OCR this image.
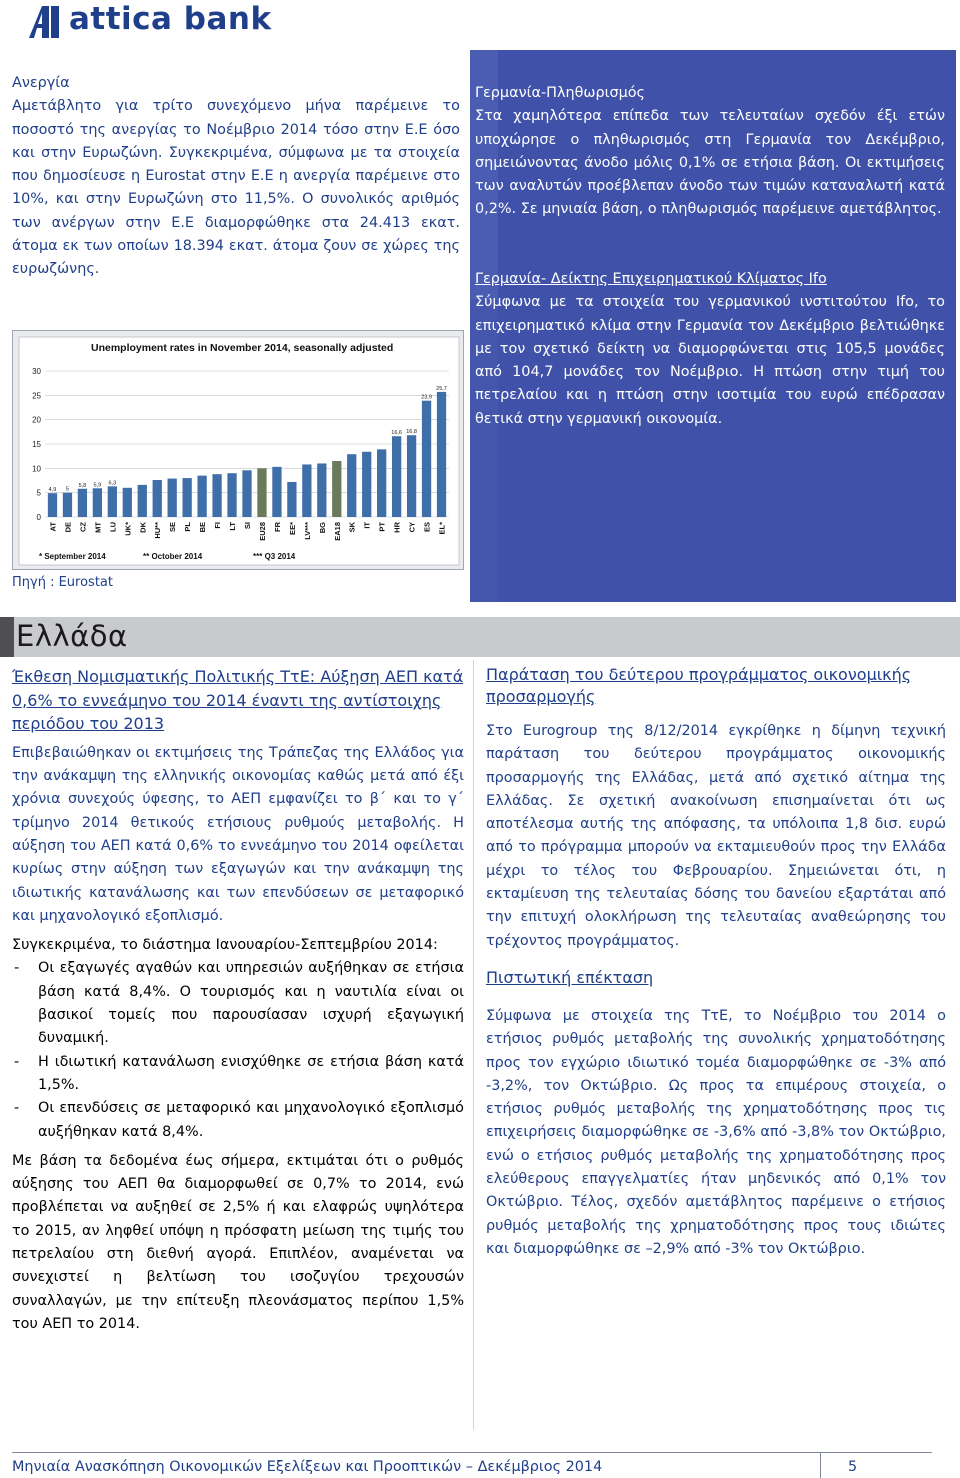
attica bank
Ανεργία
Αμετάβλητο για τρίτο συνεχόμενο μήνα παρέμεινε το ποσοστό της ανεργίας το Νοέμβριο 2014 τόσο στην Ε.Ε όσο και στην Ευρωζώνη. Συγκεκριμένα, σύμφωνα με τα στοιχεία που δημοσίευσε η Eurostat στην Ε.Ε η ανεργία παρέμεινε στο 10%, και στην Ευρωζώνη στο 11,5%. Ο συνολικός αριθμός των ανέργων στην Ε.Ε διαμορφώθηκε στα 24.413 εκατ. άτομα εκ των οποίων 18.394 εκατ. άτομα ζουν σε χώρες της ευρωζώνης.
Unemployment rates in November 2014, seasonally adjusted
0
5
10
15
20
25
30
4,9
AT
5
DE
5,8
CZ
5,9
MT
6,3
LU UK* DK HU** SE PL BE FI LT SI EU28 FR EE* LV*** BG EA18 SK IT PT
16,6
HR
16,8
CY
23,9
ES
25,7
EL*
* September 2014	** October 2014	*** Q3 2014
Πηγή : Eurostat
Γερμανία-Πληθωρισμός
Στα χαμηλότερα επίπεδα των τελευταίων σχεδόν έξι ετών υποχώρησε ο πληθωρισμός στη Γερμανία τον Δεκέμβριο, σημειώνοντας άνοδο μόλις 0,1% σε ετήσια βάση. Οι εκτιμήσεις των αναλυτών προέβλεπαν άνοδο των τιμών καταναλωτή κατά 0,2%. Σε μηνιαία βάση, ο πληθωρισμός παρέμεινε αμετάβλητος.
Γερμανία- Δείκτης Επιχειρηματικού Κλίματος Ifo
Σύμφωνα με τα στοιχεία του γερμανικού ινστιτούτου Ifo, το επιχειρηματικό κλίμα στην Γερμανία τον Δεκέμβριο βελτιώθηκε με τον σχετικό δείκτη να διαμορφώνεται στις 105,5 μονάδες από 104,7 μονάδες τον Νοέμβριο. Η πτώση στην τιμή του πετρελαίου και η πτώση στην ισοτιμία του ευρώ επέδρασαν θετικά στην γερμανική οικονομία.
Ελλάδα
Έκθεση Νομισματικής Πολιτικής ΤτΕ: Αύξηση ΑΕΠ κατά 0,6% το εννεάμηνο του 2014 έναντι της αντίστοιχης περιόδου του 2013
Επιβεβαιώθηκαν οι εκτιμήσεις της Τράπεζας της Ελλάδος για την ανάκαμψη της ελληνικής οικονομίας καθώς μετά από έξι χρόνια συνεχούς ύφεσης, το ΑΕΠ εμφανίζει το β΄ και το γ΄ τρίμηνο 2014 θετικούς ετήσιους ρυθμούς μεταβολής. Η αύξηση του ΑΕΠ κατά 0,6% το εννεάμηνο του 2014 οφείλεται κυρίως στην αύξηση των εξαγωγών και την ανάκαμψη της ιδιωτικής κατανάλωσης και των επενδύσεων σε μεταφορικό και μηχανολογικό εξοπλισμό.
Συγκεκριμένα, το διάστημα Ιανουαρίου-Σεπτεμβρίου 2014:
- Οι εξαγωγές αγαθών και υπηρεσιών αυξήθηκαν σε ετήσια βάση κατά 8,4%. Ο τουρισμός και η ναυτιλία είναι οι βασικοί τομείς που παρουσίασαν ισχυρή εξαγωγική δυναμική.
- Η ιδιωτική κατανάλωση ενισχύθηκε σε ετήσια βάση κατά 1,5%.
- Οι επενδύσεις σε μεταφορικό και μηχανολογικό εξοπλισμό αυξήθηκαν κατά 8,4%.
Με βάση τα δεδομένα έως σήμερα, εκτιμάται ότι ο ρυθμός αύξησης του ΑΕΠ θα διαμορφωθεί σε 0,7% το 2014, ενώ προβλέπεται να αυξηθεί σε 2,5% ή και ελαφρώς υψηλότερα το 2015, αν ληφθεί υπόψη η πρόσφατη μείωση της τιμής του πετρελαίου στη διεθνή αγορά. Επιπλέον, αναμένεται να συνεχιστεί η βελτίωση του ισοζυγίου τρεχουσών συναλλαγών, με την επίτευξη πλεονάσματος περίπου 1,5% του ΑΕΠ το 2014.
Παράταση του δεύτερου προγράμματος οικονομικής προσαρμογής
Στο Eurogroup της 8/12/2014 εγκρίθηκε η δίμηνη τεχνική παράταση του δεύτερου προγράμματος οικονομικής προσαρμογής της Ελλάδας, μετά από σχετικό αίτημα της Ελλάδας. Σε σχετική ανακοίνωση επισημαίνεται ότι ως αποτέλεσμα αυτής της απόφασης, τα υπόλοιπα 1,8 δισ. ευρώ από το πρόγραμμα μπορούν να εκταμιευθούν προς την Ελλάδα μέχρι το τέλος του Φεβρουαρίου. Σημειώνεται ότι, η εκταμίευση της τελευταίας δόσης του δανείου εξαρτάται από την επιτυχή ολοκλήρωση της τελευταίας αναθεώρησης του τρέχοντος προγράμματος.
Πιστωτική επέκταση
Σύμφωνα με στοιχεία της ΤτΕ, το Νοέμβριο του 2014 ο ετήσιος ρυθμός μεταβολής της συνολικής χρηματοδότησης προς τον εγχώριο ιδιωτικό τομέα διαμορφώθηκε σε -3% από -3,2%, τον Οκτώβριο. Ως προς τα επιμέρους στοιχεία, ο ετήσιος ρυθμός μεταβολής της χρηματοδότησης προς τις επιχειρήσεις διαμορφώθηκε σε -3,6% από -3,8% τον Οκτώβριο, ενώ ο ετήσιος ρυθμός μεταβολής της χρηματοδότησης προς ελεύθερους επαγγελματίες ήταν μηδενικός από 0,1% τον Οκτώβριο. Τέλος, σχεδόν αμετάβλητος παρέμεινε ο ετήσιος ρυθμός μεταβολής της χρηματοδότησης προς τους ιδιώτες και διαμορφώθηκε σε –2,9% από -3% τον Οκτώβριο.
Μηνιαία Ανασκόπηση Οικονομικών Εξελίξεων και Προοπτικών – Δεκέμβριος 2014	5
